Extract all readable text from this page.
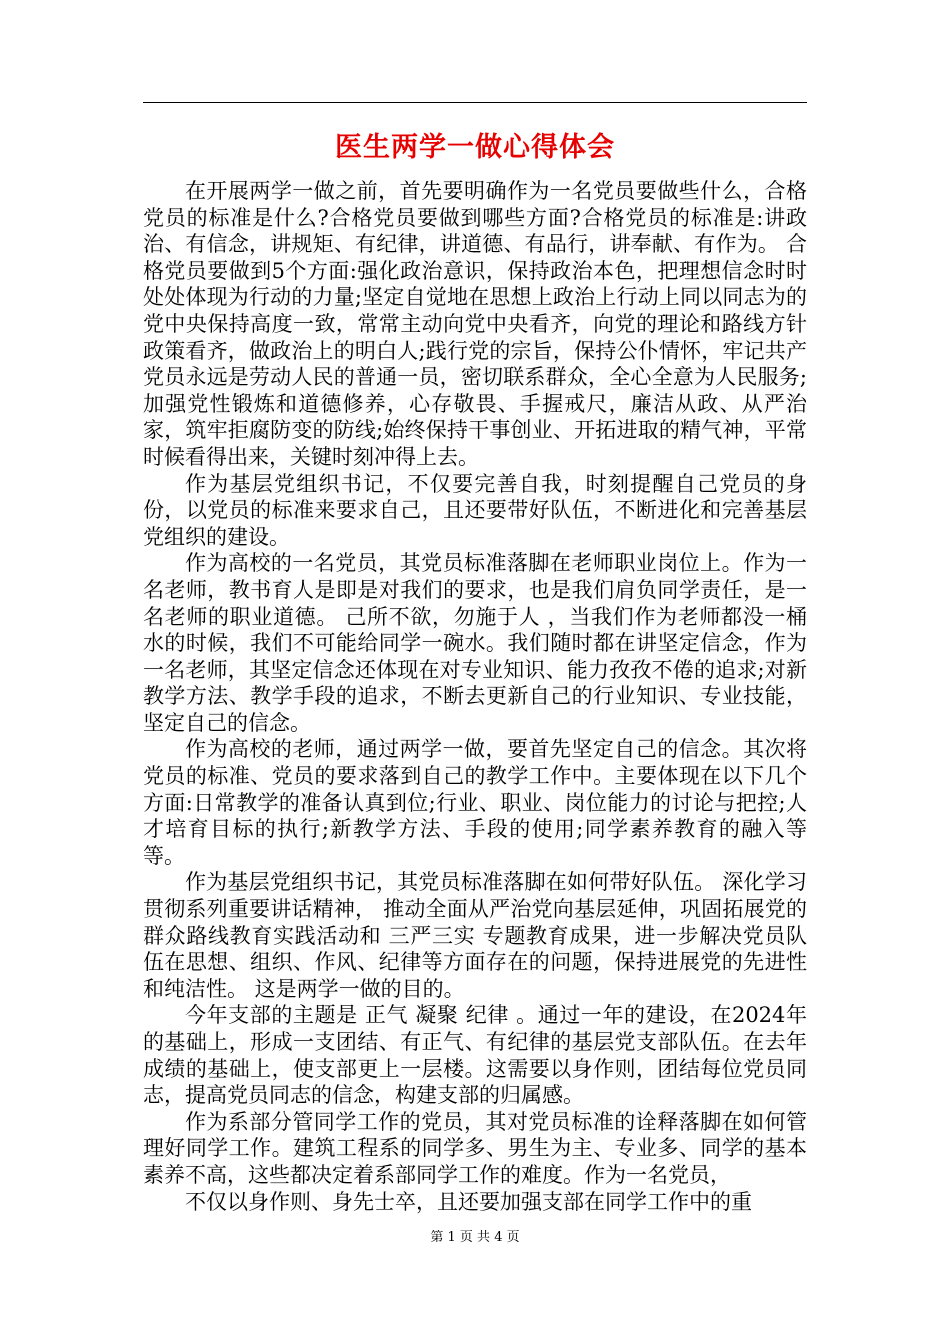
医生两学一做心得体会

在开展两学一做之前，首先要明确作为一名党员要做些什么，合格党员的标准是什么?合格党员要做到哪些方面?合格党员的标准是:讲政治、有信念，讲规矩、有纪律，讲道德、有品行，讲奉献、有作为。 合格党员要做到5个方面:强化政治意识，保持政治本色，把理想信念时时处处体现为行动的力量;坚定自觉地在思想上政治上行动上同以同志为的党中央保持高度一致，常常主动向党中央看齐，向党的理论和路线方针政策看齐，做政治上的明白人;践行党的宗旨，保持公仆情怀，牢记共产党员永远是劳动人民的普通一员，密切联系群众，全心全意为人民服务;加强党性锻炼和道德修养，心存敬畏、手握戒尺，廉洁从政、从严治家，筑牢拒腐防变的防线;始终保持干事创业、开拓进取的精气神，平常时候看得出来，关键时刻冲得上去。

作为基层党组织书记，不仅要完善自我，时刻提醒自己党员的身份，以党员的标准来要求自己，且还要带好队伍，不断进化和完善基层党组织的建设。

作为高校的一名党员，其党员标准落脚在老师职业岗位上。作为一名老师，教书育人是即是对我们的要求，也是我们肩负同学责任，是一名老师的职业道德。 己所不欲，勿施于人 ，当我们作为老师都没一桶水的时候，我们不可能给同学一碗水。我们随时都在讲坚定信念，作为一名老师，其坚定信念还体现在对专业知识、能力孜孜不倦的追求;对新教学方法、教学手段的追求，不断去更新自己的行业知识、专业技能，坚定自己的信念。

作为高校的老师，通过两学一做，要首先坚定自己的信念。其次将党员的标准、党员的要求落到自己的教学工作中。主要体现在以下几个方面:日常教学的准备认真到位;行业、职业、岗位能力的讨论与把控;人才培育目标的执行;新教学方法、手段的使用;同学素养教育的融入等等。

作为基层党组织书记，其党员标准落脚在如何带好队伍。 深化学习贯彻系列重要讲话精神， 推动全面从严治党向基层延伸，巩固拓展党的群众路线教育实践活动和 三严三实 专题教育成果，进一步解决党员队伍在思想、组织、作风、纪律等方面存在的问题，保持进展党的先进性和纯洁性。 这是两学一做的目的。

今年支部的主题是 正气 凝聚 纪律 。通过一年的建设，在2024年的基础上，形成一支团结、有正气、有纪律的基层党支部队伍。在去年成绩的基础上，使支部更上一层楼。这需要以身作则，团结每位党员同志，提高党员同志的信念，构建支部的归属感。

作为系部分管同学工作的党员，其对党员标准的诠释落脚在如何管理好同学工作。建筑工程系的同学多、男生为主、专业多、同学的基本素养不高，这些都决定着系部同学工作的难度。作为一名党员，

不仅以身作则、身先士卒，且还要加强支部在同学工作中的重

第 1 页 共 4 页
